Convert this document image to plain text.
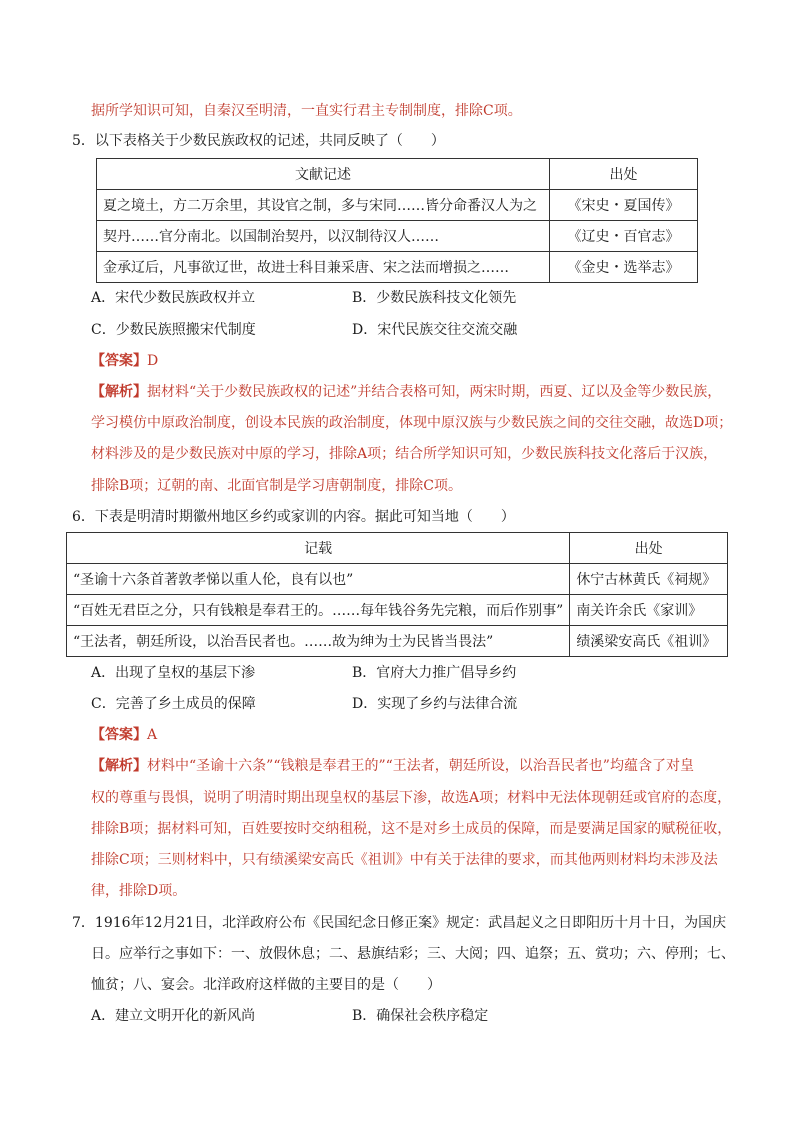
据所学知识可知，自秦汉至明清，一直实行君主专制制度，排除C项。
5．以下表格关于少数民族政权的记述，共同反映了（　　）
文献记述	出处
夏之境土，方二万余里，其设官之制，多与宋同……皆分命番汉人为之	《宋史・夏国传》
契丹……官分南北。以国制治契丹，以汉制待汉人……	《辽史・百官志》
金承辽后，凡事欲辽世，故进士科目兼采唐、宋之法而增损之……	《金史・选举志》
A．宋代少数民族政权并立	B．少数民族科技文化领先
C．少数民族照搬宋代制度	D．宋代民族交往交流交融
【答案】D
【解析】据材料“关于少数民族政权的记述”并结合表格可知，两宋时期，西夏、辽以及金等少数民族，
学习模仿中原政治制度，创设本民族的政治制度，体现中原汉族与少数民族之间的交往交融，故选D项；
材料涉及的是少数民族对中原的学习，排除A项；结合所学知识可知，少数民族科技文化落后于汉族，
排除B项；辽朝的南、北面官制是学习唐朝制度，排除C项。
6．下表是明清时期徽州地区乡约或家训的内容。据此可知当地（　　）
记载	出处
“圣谕十六条首著敦孝悌以重人伦，良有以也”	休宁古林黄氏《祠规》
“百姓无君臣之分，只有钱粮是奉君王的。……每年钱谷务先完粮，而后作别事”	南关许余氏《家训》
“王法者，朝廷所设，以治吾民者也。……故为绅为士为民皆当畏法”	绩溪梁安高氏《祖训》
A．出现了皇权的基层下渗	B．官府大力推广倡导乡约
C．完善了乡土成员的保障	D．实现了乡约与法律合流
【答案】A
【解析】材料中“圣谕十六条”“钱粮是奉君王的”“王法者，朝廷所设，以治吾民者也”均蕴含了对皇
权的尊重与畏惧，说明了明清时期出现皇权的基层下渗，故选A项；材料中无法体现朝廷或官府的态度，
排除B项；据材料可知，百姓要按时交纳租税，这不是对乡土成员的保障，而是要满足国家的赋税征收，
排除C项；三则材料中，只有绩溪梁安高氏《祖训》中有关于法律的要求，而其他两则材料均未涉及法
律，排除D项。
7．1916年12月21日，北洋政府公布《民国纪念日修正案》规定：武昌起义之日即阳历十月十日，为国庆
日。应举行之事如下：一、放假休息；二、悬旗结彩；三、大阅；四、追祭；五、赏功；六、停刑；七、
恤贫；八、宴会。北洋政府这样做的主要目的是（　　）
A．建立文明开化的新风尚	B．确保社会秩序稳定
